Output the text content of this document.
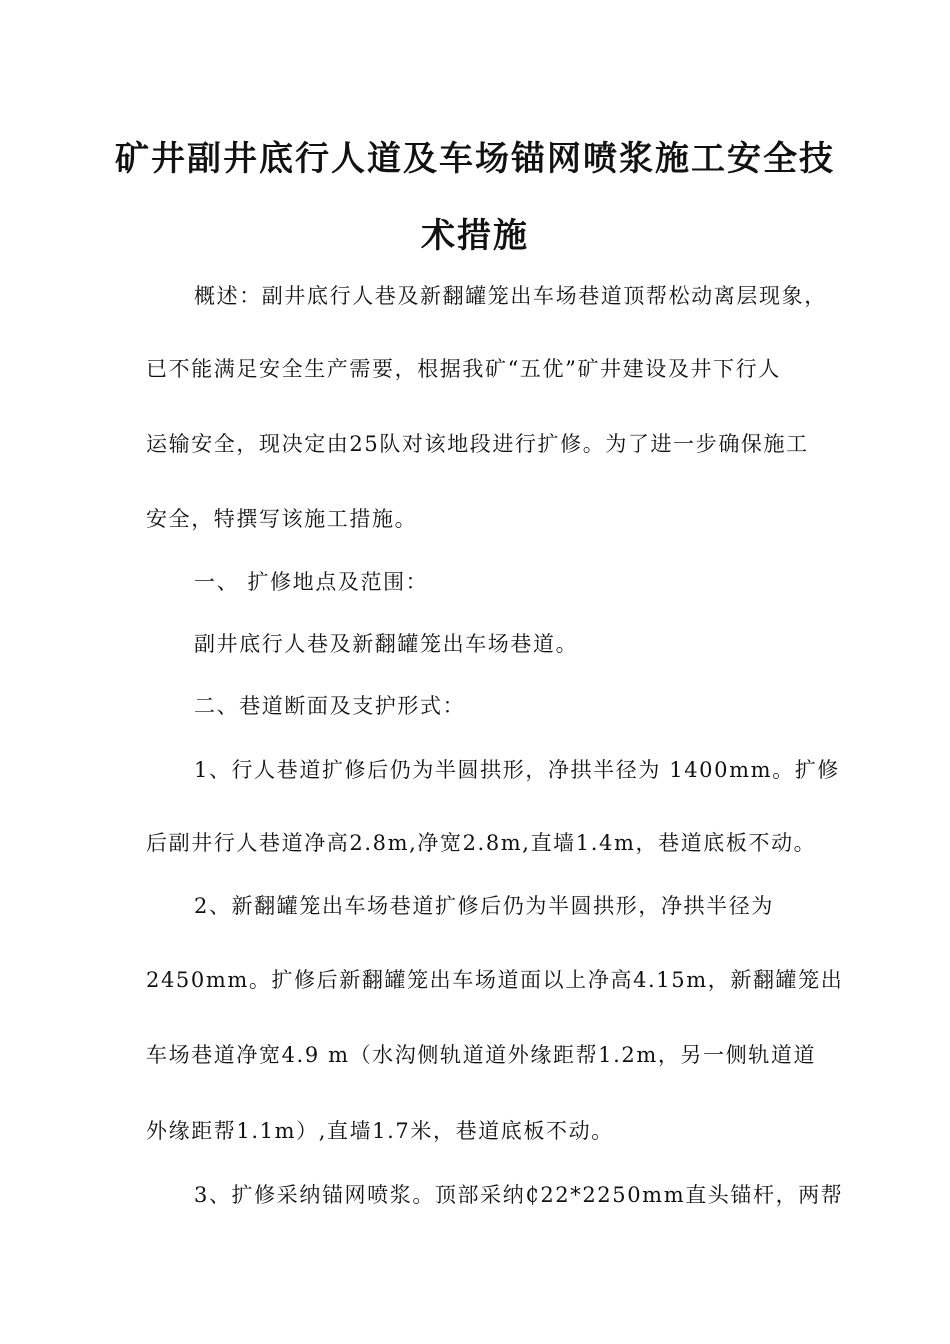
矿井副井底行人道及车场锚网喷浆施工安全技
术措施

概述：副井底行人巷及新翻罐笼出车场巷道顶帮松动离层现象，

已不能满足安全生产需要，根据我矿“五优”矿井建设及井下行人

运输安全，现决定由25队对该地段进行扩修。为了进一步确保施工

安全，特撰写该施工措施。

一、 扩修地点及范围：

副井底行人巷及新翻罐笼出车场巷道。

二、巷道断面及支护形式：

1、行人巷道扩修后仍为半圆拱形，净拱半径为 1400mm。扩修

后副井行人巷道净高2.8m,净宽2.8m,直墙1.4m，巷道底板不动。

2、新翻罐笼出车场巷道扩修后仍为半圆拱形，净拱半径为

2450mm。扩修后新翻罐笼出车场道面以上净高4.15m，新翻罐笼出

车场巷道净宽4.9 m（水沟侧轨道道外缘距帮1.2m，另一侧轨道道

外缘距帮1.1m）,直墙1.7米，巷道底板不动。

3、扩修采纳锚网喷浆。顶部采纳₵22*2250mm直头锚杆，两帮
